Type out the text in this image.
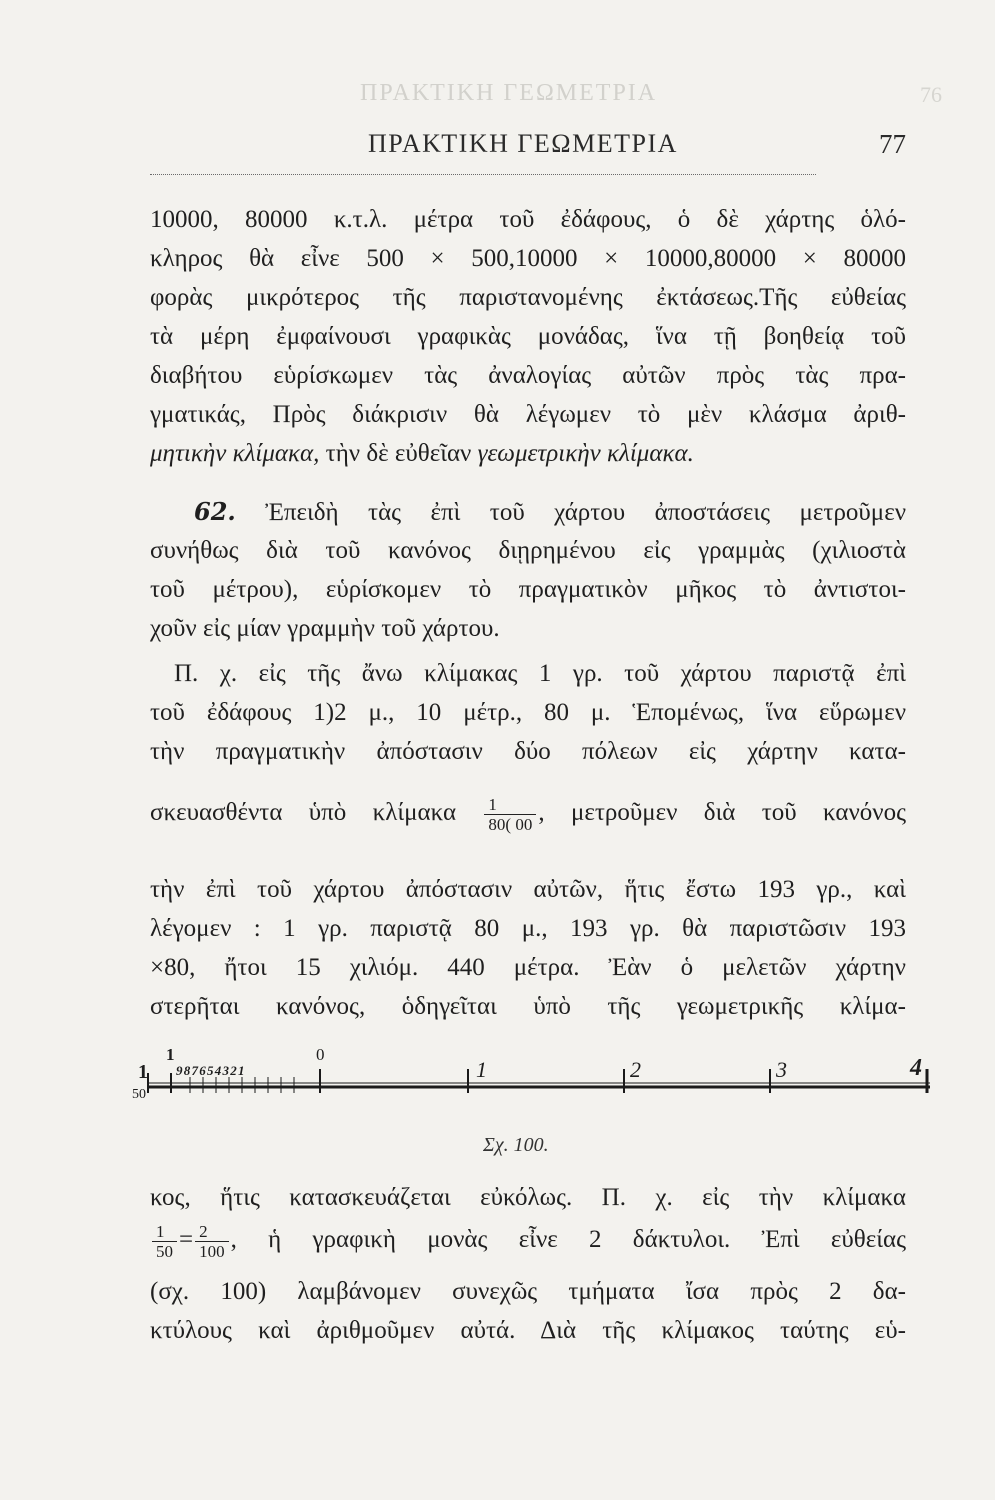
ΠΡΑΚΤΙΚΗ ΓΕΩΜΕΤΡΙΑ	76
ΠΡΑΚΤΙΚΗ ΓΕΩΜΕΤΡΙΑ	77
10000, 80000 κ.τ.λ. μέτρα τοῦ ἐδάφους, ὁ δὲ χάρτης ὁλό-
κληρος θὰ εἶνε 500 × 500,10000 × 10000,80000 × 80000
φορὰς μικρότερος τῆς παριστανομένης ἐκτάσεως.Τῆς εὐθείας
τὰ μέρη ἐμφαίνουσι γραφικὰς μονάδας, ἵνα τῇ βοηθείᾳ τοῦ
διαβήτου εὑρίσκωμεν τὰς ἀναλογίας αὐτῶν πρὸς τὰς πρα-
γματικάς, Πρὸς διάκρισιν θὰ λέγωμεν τὸ μὲν κλάσμα ἀριθ-
μητικὴν κλίμακα, τὴν δὲ εὐθεῖαν γεωμετρικὴν κλίμακα.
62. Ἐπειδὴ τὰς ἐπὶ τοῦ χάρτου ἀποστάσεις μετροῦμεν
συνήθως διὰ τοῦ κανόνος διῃρημένου εἰς γραμμὰς (χιλιοστὰ
τοῦ μέτρου), εὑρίσκομεν τὸ πραγματικὸν μῆκος τὸ ἀντιστοι-
χοῦν εἰς μίαν γραμμὴν τοῦ χάρτου.
Π. χ. εἰς τῆς ἄνω κλίμακας 1 γρ. τοῦ χάρτου παριστᾷ ἐπὶ
τοῦ ἐδάφους 1)2 μ., 10 μέτρ., 80 μ. Ἑπομένως, ἵνα εὕρωμεν
τὴν πραγματικὴν ἀπόστασιν δύο πόλεων εἰς χάρτην κατα-
σκευασθέντα ὑπὸ κλίμακα $\frac{1}{80( 00}$ , μετροῦμεν διὰ τοῦ κανόνος
τὴν ἐπὶ τοῦ χάρτου ἀπόστασιν αὐτῶν, ἥτις ἔστω 193 γρ., καὶ
λέγομεν : 1 γρ. παριστᾷ 80 μ., 193 γρ. θὰ παριστῶσιν 193
×80, ἤτοι 15 χιλιόμ. 440 μέτρα. Ἐὰν ὁ μελετῶν χάρτην
στερῆται κανόνος, ὁδηγεῖται ὑπὸ τῆς γεωμετρικῆς κλίμα-
1
1 9 8 7 6 5 4 3 2 1
0
1	2	3	4
50
Σχ. 100.
κος, ἥτις κατασκευάζεται εὐκόλως. Π. χ. εἰς τὴν κλίμακα
$\frac{1}{50} = \frac{2}{100}$ , ἡ γραφικὴ μονὰς εἶνε 2 δάκτυλοι. Ἐπὶ εὐθείας
(σχ. 100) λαμβάνομεν συνεχῶς τμήματα ἴσα πρὸς 2 δα-
κτύλους καὶ ἀριθμοῦμεν αὐτά. Διὰ τῆς κλίμακος ταύτης εὑ-
